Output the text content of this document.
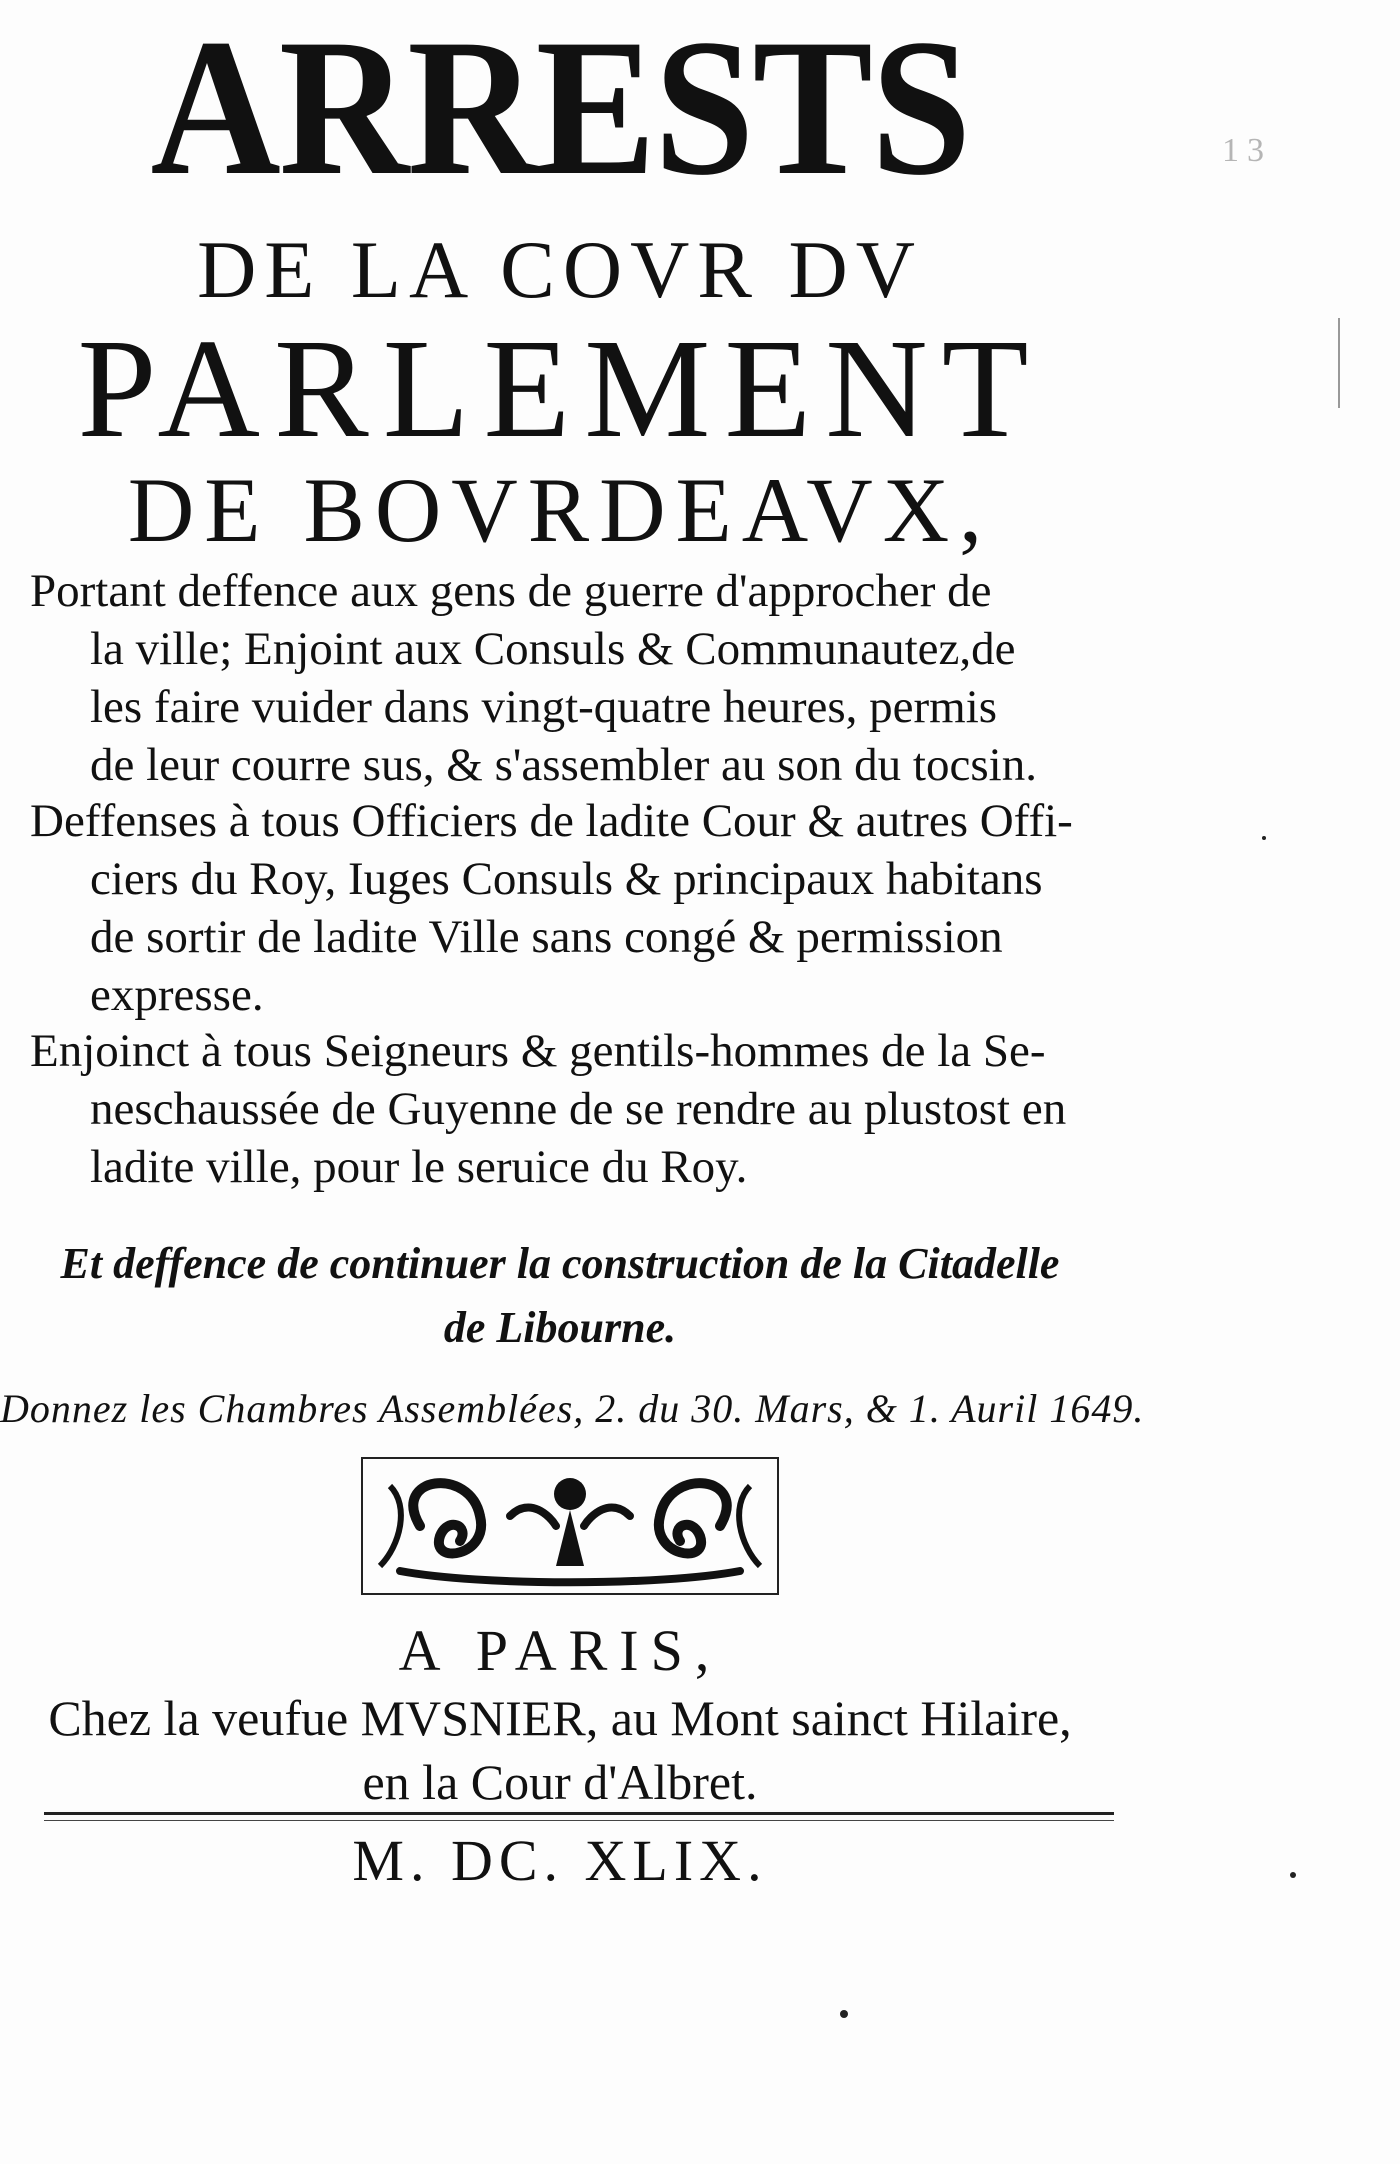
13
ARRESTS
DE LA COVR DV
PARLEMENT
DE BOVRDEAVX,
Portant deffence aux gens de guerre d'approcher de
la ville; Enjoint aux Consuls & Communautez,de
les faire vuider dans vingt-quatre heures, permis
de leur courre sus, & s'assembler au son du tocsin.
Deffenses à tous Officiers de ladite Cour & autres Offi-
ciers du Roy, Iuges Consuls & principaux habitans
de sortir de ladite Ville sans congé & permission
expresse.
Enjoinct à tous Seigneurs & gentils-hommes de la Se-
neschaussée de Guyenne de se rendre au plustost en
ladite ville, pour le seruice du Roy.
Et deffence de continuer la construction de la Citadelle
de Libourne.
Donnez les Chambres Assemblées, 2. du 30. Mars, & 1. Auril 1649.
A PARIS,
Chez la veufue MVSNIER, au Mont sainct Hilaire,
en la Cour d'Albret.
M. DC. XLIX.
